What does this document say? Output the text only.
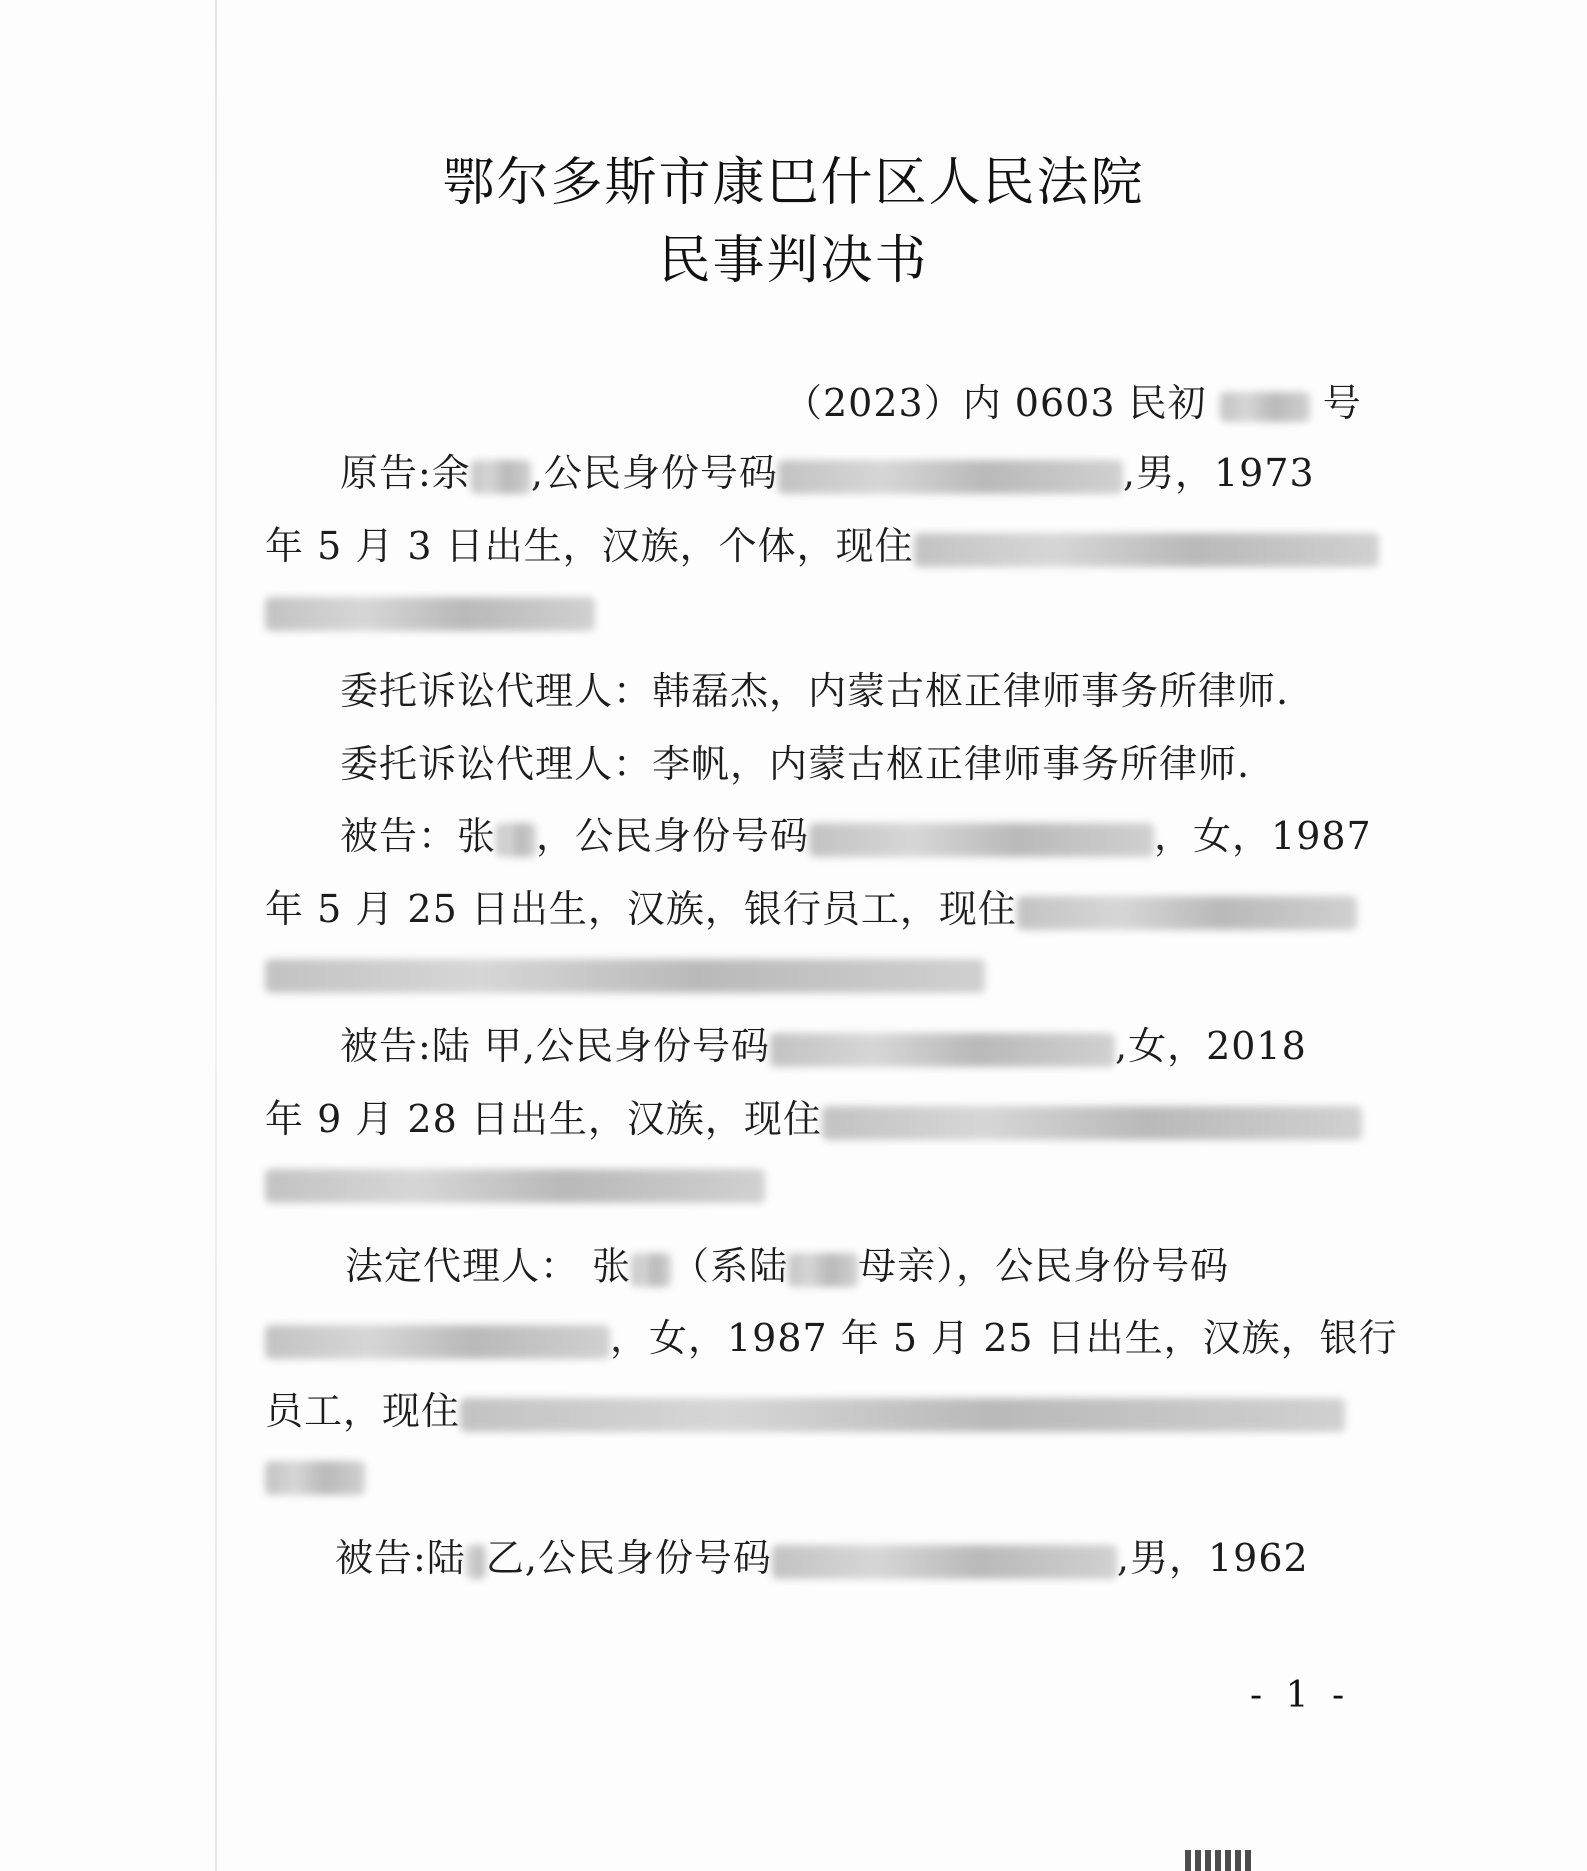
鄂尔多斯市康巴什区人民法院
民事判决书
（2023）内 0603 民初	号
原告:余 ,公民身份号码	,男，1973
年 5 月 3 日出生，汉族，个体，现住
委托诉讼代理人：韩磊杰，内蒙古枢正律师事务所律师.
委托诉讼代理人：李帆，内蒙古枢正律师事务所律师.
被告：张 ，公民身份号码	，女，1987
年 5 月 25 日出生，汉族，银行员工，现住
被告:陆 甲,公民身份号码	,女，2018
年 9 月 28 日出生，汉族，现住
法定代理人： 张 （系陆 母亲），公民身份号码
，女，1987 年 5 月 25 日出生，汉族，银行
员工，现住
被告:陆 乙,公民身份号码	,男，1962
- 1 -
